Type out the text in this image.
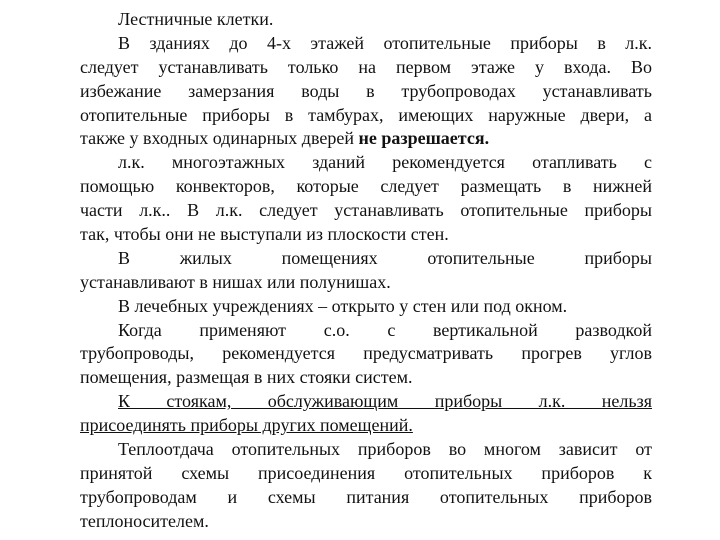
Лестничные клетки.
В зданиях до 4-х этажей отопительные приборы в л.к.
следует устанавливать только на первом этаже у входа. Во
избежание замерзания воды в трубопроводах устанавливать
отопительные приборы в тамбурах, имеющих наружные двери, а
также у входных одинарных дверей не разрешается.
л.к. многоэтажных зданий рекомендуется отапливать с
помощью конвекторов, которые следует размещать в нижней
части л.к.. В л.к. следует устанавливать отопительные приборы
так, чтобы они не выступали из плоскости стен.
В жилых помещениях отопительные приборы
устанавливают в нишах или полунишах.
В лечебных учреждениях – открыто у стен или под окном.
Когда применяют с.о. с вертикальной разводкой
трубопроводы, рекомендуется предусматривать прогрев углов
помещения, размещая в них стояки систем.
К стоякам, обслуживающим приборы л.к. нельзя
присоединять приборы других помещений.
Теплоотдача отопительных приборов во многом зависит от
принятой схемы присоединения отопительных приборов к
трубопроводам и схемы питания отопительных приборов
теплоносителем.
